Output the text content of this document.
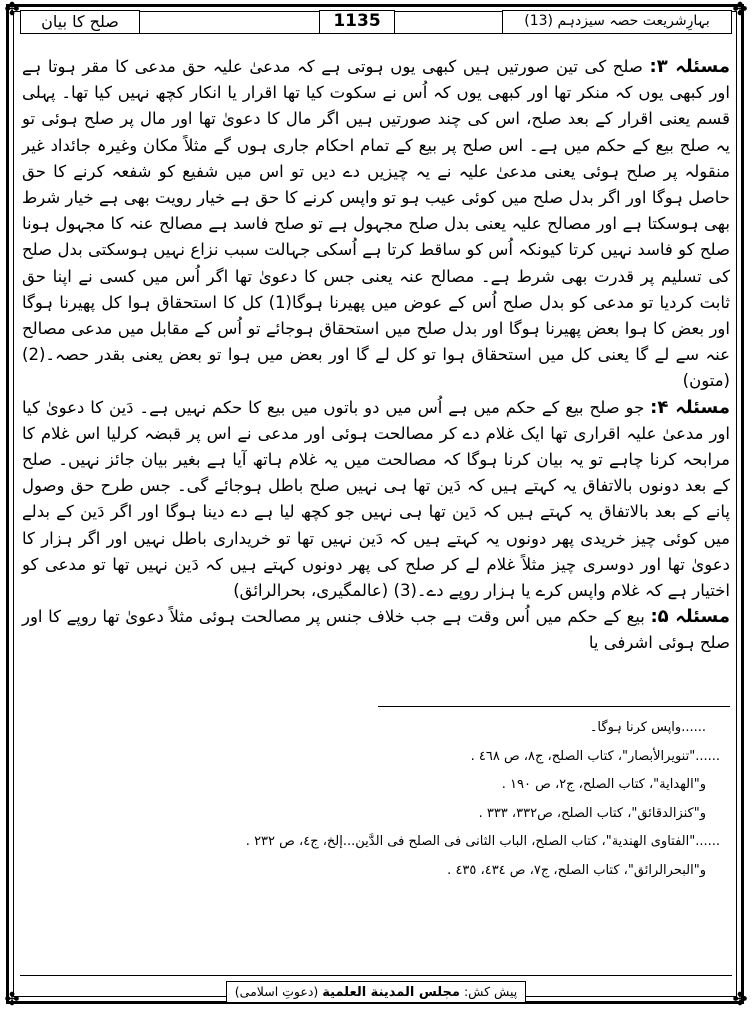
✤	✤
✤	✤
بہارِشریعت حصہ سیزدہم (13)
1135
صلح کا بیان

مسئلہ ۳: صلح کی تین صورتیں ہیں کبھی یوں ہوتی ہے کہ مدعیٰ علیہ حق مدعی کا مقر ہوتا ہے اور کبھی یوں کہ منکر تھا اور کبھی یوں کہ اُس نے سکوت کیا تھا اقرار یا انکار کچھ نہیں کیا تھا۔ پہلی قسم یعنی اقرار کے بعد صلح، اس کی چند صورتیں ہیں اگر مال کا دعویٰ تھا اور مال پر صلح ہوئی تو یہ صلح بیع کے حکم میں ہے۔ اس صلح پر بیع کے تمام احکام جاری ہوں گے مثلاً مکان وغیرہ جائداد غیر منقولہ پر صلح ہوئی یعنی مدعیٰ علیہ نے یہ چیزیں دے دیں تو اس میں شفیع کو شفعہ کرنے کا حق حاصل ہوگا اور اگر بدل صلح میں کوئی عیب ہو تو واپس کرنے کا حق ہے خیار رویت بھی ہے خیار شرط بھی ہوسکتا ہے اور مصالح علیہ یعنی بدل صلح مجہول ہے تو صلح فاسد ہے مصالح عنہ کا مجہول ہونا صلح کو فاسد نہیں کرتا کیونکہ اُس کو ساقط کرتا ہے اُسکی جہالت سبب نزاع نہیں ہوسکتی بدل صلح کی تسلیم پر قدرت بھی شرط ہے۔ مصالح عنہ یعنی جس کا دعویٰ تھا اگر اُس میں کسی نے اپنا حق ثابت کردیا تو مدعی کو بدل صلح اُس کے عوض میں پھیرنا ہوگا(1) کل کا استحقاق ہوا کل پھیرنا ہوگا اور بعض کا ہوا بعض پھیرنا ہوگا اور بدل صلح میں استحقاق ہوجائے تو اُس کے مقابل میں مدعی مصالح عنہ سے لے گا یعنی کل میں استحقاق ہوا تو کل لے گا اور بعض میں ہوا تو بعض یعنی بقدر حصہ۔(2) (متون)

مسئلہ ۴: جو صلح بیع کے حکم میں ہے اُس میں دو باتوں میں بیع کا حکم نہیں ہے۔ دَین کا دعویٰ کیا اور مدعیٰ علیہ اقراری تھا ایک غلام دے کر مصالحت ہوئی اور مدعی نے اس پر قبضہ کرلیا اس غلام کا مرابحہ کرنا چاہے تو یہ بیان کرنا ہوگا کہ مصالحت میں یہ غلام ہاتھ آیا ہے بغیر بیان جائز نہیں۔ صلح کے بعد دونوں بالاتفاق یہ کہتے ہیں کہ دَین تھا ہی نہیں صلح باطل ہوجائے گی۔ جس طرح حق وصول پانے کے بعد بالاتفاق یہ کہتے ہیں کہ دَین تھا ہی نہیں جو کچھ لیا ہے دے دینا ہوگا اور اگر دَین کے بدلے میں کوئی چیز خریدی پھر دونوں یہ کہتے ہیں کہ دَین نہیں تھا تو خریداری باطل نہیں اور اگر ہزار کا دعویٰ تھا اور دوسری چیز مثلاً غلام لے کر صلح کی پھر دونوں کہتے ہیں کہ دَین نہیں تھا تو مدعی کو اختیار ہے کہ غلام واپس کرے یا ہزار روپے دے۔(3) (عالمگیری، بحرالرائق)

مسئلہ ۵: بیع کے حکم میں اُس وقت ہے جب خلاف جنس پر مصالحت ہوئی مثلاً دعویٰ تھا روپے کا اور صلح ہوئی اشرفی یا

......واپس کرنا ہوگا۔

......"تنویرالأبصار"، کتاب الصلح، ج۸، ص ٤٦٨ .

و"الهداية"، کتاب الصلح، ج۲، ص ١٩٠ .

و"كنزالدقائق"، کتاب الصلح، ص٣٣٢، ٣٣٣ .

......"الفتاوى الهندية"، کتاب الصلح، الباب الثانی فی الصلح فی الدَّین...إلخ، ج٤، ص ٢٣٢ .

و"البحرالرائق"، کتاب الصلح، ج٧، ص ٤٣٤، ٤٣٥ .

پیش کش: مجلس المدينة العلمية (دعوتِ اسلامی)
